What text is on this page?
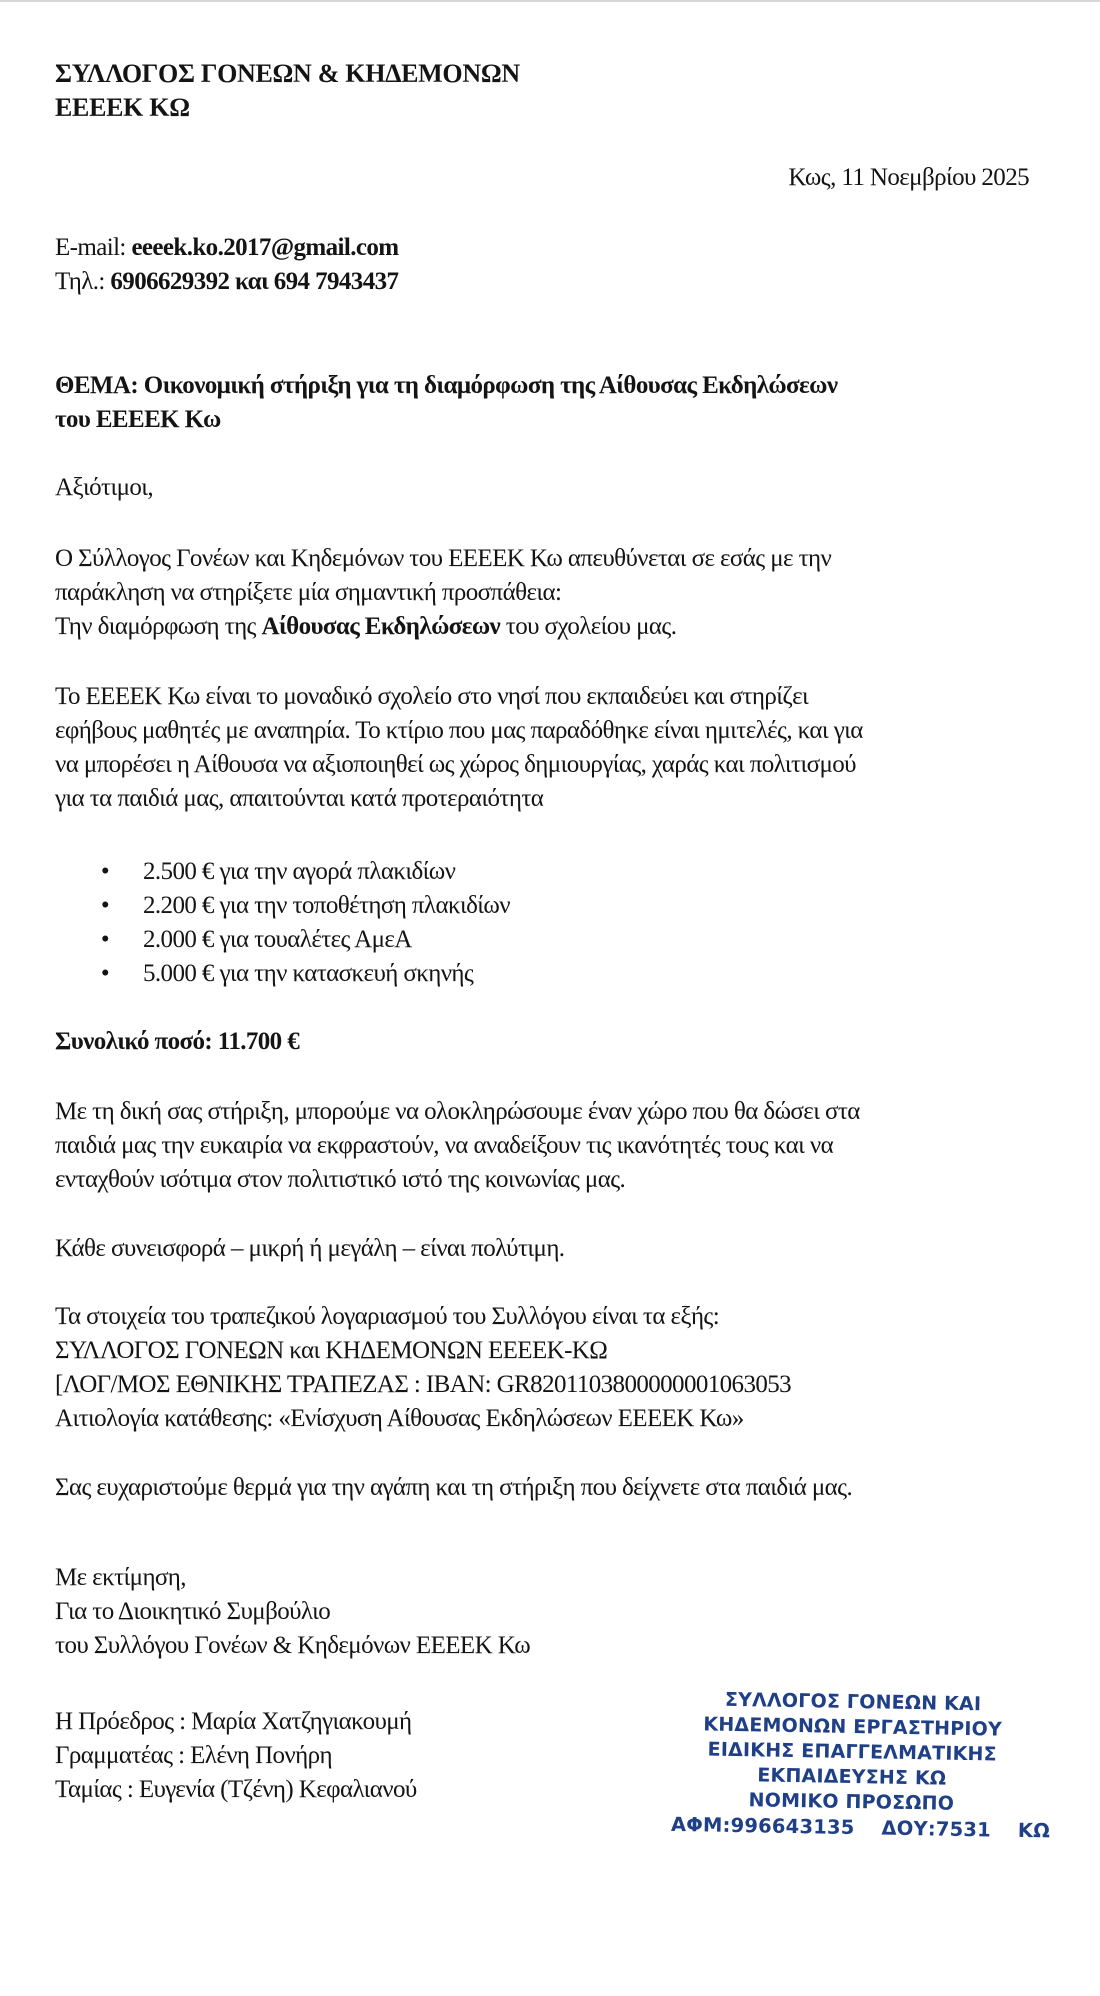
ΣΥΛΛΟΓΟΣ ΓΟΝΕΩΝ & ΚΗΔΕΜΟΝΩΝ
ΕΕΕΕΚ ΚΩ
Κως, 11 Νοεμβρίου 2025
E-mail: eeeek.ko.2017@gmail.com
Τηλ.: 6906629392 και 694 7943437
ΘΕΜΑ: Οικονομική στήριξη για τη διαμόρφωση της Αίθουσας Εκδηλώσεων
του ΕΕΕΕΚ Κω
Αξιότιμοι,
Ο Σύλλογος Γονέων και Κηδεμόνων του ΕΕΕΕΚ Κω απευθύνεται σε εσάς με την
παράκληση να στηρίξετε μία σημαντική προσπάθεια:
Την διαμόρφωση της Αίθουσας Εκδηλώσεων του σχολείου μας.
Το ΕΕΕΕΚ Κω είναι το μοναδικό σχολείο στο νησί που εκπαιδεύει και στηρίζει
εφήβους μαθητές με αναπηρία. Το κτίριο που μας παραδόθηκε είναι ημιτελές, και για
να μπορέσει η Αίθουσα να αξιοποιηθεί ως χώρος δημιουργίας, χαράς και πολιτισμού
για τα παιδιά μας, απαιτούνται κατά προτεραιότητα
• 2.500 € για την αγορά πλακιδίων
• 2.200 € για την τοποθέτηση πλακιδίων
• 2.000 € για τουαλέτες ΑμεΑ
• 5.000 € για την κατασκευή σκηνής
Συνολικό ποσό: 11.700 €
Με τη δική σας στήριξη, μπορούμε να ολοκληρώσουμε έναν χώρο που θα δώσει στα
παιδιά μας την ευκαιρία να εκφραστούν, να αναδείξουν τις ικανότητές τους και να
ενταχθούν ισότιμα στον πολιτιστικό ιστό της κοινωνίας μας.
Κάθε συνεισφορά – μικρή ή μεγάλη – είναι πολύτιμη.
Τα στοιχεία του τραπεζικού λογαριασμού του Συλλόγου είναι τα εξής:
ΣΥΛΛΟΓΟΣ ΓΟΝΕΩΝ και ΚΗΔΕΜΟΝΩΝ ΕΕΕΕΚ-ΚΩ
[ΛΟΓ/ΜΟΣ ΕΘΝΙΚΗΣ ΤΡΑΠΕΖΑΣ : IBAN: GR8201103800000001063053
Αιτιολογία κατάθεσης: «Ενίσχυση Αίθουσας Εκδηλώσεων ΕΕΕΕΚ Κω»
Σας ευχαριστούμε θερμά για την αγάπη και τη στήριξη που δείχνετε στα παιδιά μας.
Με εκτίμηση,
Για το Διοικητικό Συμβούλιο
του Συλλόγου Γονέων & Κηδεμόνων ΕΕΕΕΚ Κω
Η Πρόεδρος : Μαρία Χατζηγιακουμή
Γραμματέας : Ελένη Πονήρη
Ταμίας : Ευγενία (Τζένη) Κεφαλιανού
ΣΥΛΛΟΓΟΣ ΓΟΝΕΩΝ ΚΑΙ
ΚΗΔΕΜΟΝΩΝ ΕΡΓΑΣΤΗΡΙΟΥ
ΕΙΔΙΚΗΣ ΕΠΑΓΓΕΛΜΑΤΙΚΗΣ
ΕΚΠΑΙΔΕΥΣΗΣ ΚΩ
ΝΟΜΙΚΟ ΠΡΟΣΩΠΟ
ΑΦΜ:996643135 ΔΟΥ:7531 ΚΩ
